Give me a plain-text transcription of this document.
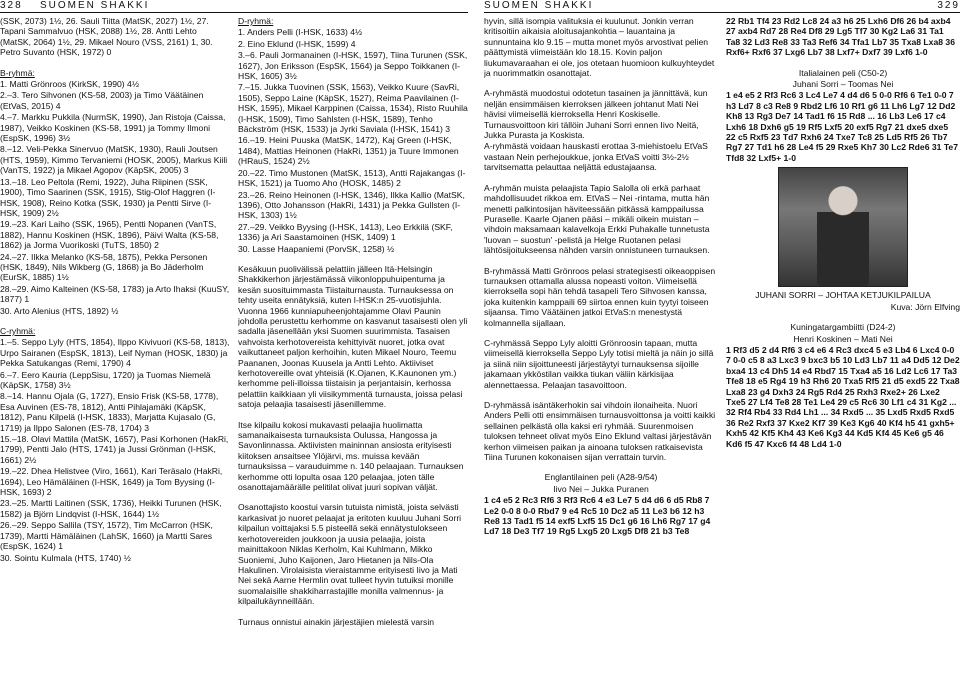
328 SUOMEN SHAKKI

(SSK, 2073) 1½, 26. Sauli Tiitta (MatSK, 2027) 1½, 27. Tapani Sammalvuo (HSK, 2088) 1½, 28. Antti Lehto (MatSK, 2064) 1½, 29. Mikael Nouro (VSS, 2161) 1, 30. Petro Suvanto (HSK, 1972) 0

B-ryhmä:

1. Matti Grönroos (KirkSK, 1990) 4½

2.–3. Tero Sihvonen (KS-58, 2003) ja Timo Väätäinen (EtVaS, 2015) 4

4.–7. Markku Pukkila (NurmSK, 1990), Jan Ristoja (Caissa, 1987), Veikko Koskinen (KS-58, 1991) ja Tommy Ilmoni (EspSK, 1996) 3½

8.–12. Veli-Pekka Sinervuo (MatSK, 1930), Rauli Joutsen (HTS, 1959), Kimmo Tervaniemi (HOSK, 2005), Markus Kiili (VanTS, 1922) ja Mikael Agopov (KäpSK, 2005) 3

13.–18. Leo Peltola (Remi, 1922), Juha Riipinen (SSK, 1900), Timo Saarinen (SSK, 1915), Stig-Olof Haggren (I-HSK, 1908), Reino Kotka (SSK, 1930) ja Pentti Sirve (I-HSK, 1909) 2½

19.–23. Kari Laiho (SSK, 1965), Pentti Nopanen (VanTS, 1882), Hannu Koskinen (HSK, 1896), Päivi Walta (KS-58, 1862) ja Jorma Vuorikoski (TuTS, 1850) 2

24.–27. Ilkka Melanko (KS-58, 1875), Pekka Personen (HSK, 1849), Nils Wikberg (G, 1868) ja Bo Jäderholm (EurSK, 1885) 1½

28.–29. Aimo Kalteinen (KS-58, 1783) ja Arto Ihaksi (KuuSY, 1877) 1

30. Arto Alenius (HTS, 1892) ½

C-ryhmä:

1.–5. Seppo Lyly (HTS, 1854), Ilppo Kivivuori (KS-58, 1813), Urpo Sairanen (EspSK, 1813), Leif Nyman (HOSK, 1830) ja Pekka Satukangas (Remi, 1790) 4

6.–7. Eero Kauria (LeppSisu, 1720) ja Tuomas Niemelä (KäpSK, 1758) 3½

8.–14. Hannu Ojala (G, 1727), Ensio Frisk (KS-58, 1778), Esa Auvinen (ES-78, 1812), Antti Pihlajamäki (KäpSK, 1812), Panu Kilpelä (I-HSK, 1833), Marjatta Kujasalo (G, 1719) ja Ilppo Salonen (ES-78, 1704) 3

15.–18. Olavi Mattila (MatSK, 1657), Pasi Korhonen (HakRi, 1799), Pentti Jalo (HTS, 1741) ja Jussi Grönman (I-HSK, 1661) 2½

19.–22. Dhea Helistvee (Viro, 1661), Kari Teräsalo (HakRi, 1694), Leo Hämäläinen (I-HSK, 1649) ja Tom Byysing (I-HSK, 1693) 2

23.–25. Martti Laitinen (SSK, 1736), Heikki Turunen (HSK, 1582) ja Björn Lindqvist (I-HSK, 1644) 1½

26.–29. Seppo Sallila (TSY, 1572), Tim McCarron (HSK, 1739), Martti Hämäläinen (LahSK, 1660) ja Martti Sares (EspSK, 1624) 1

30. Sointu Kulmala (HTS, 1740) ½

D-ryhmä:

1. Anders Pelli (I-HSK, 1633) 4½

2. Eino Eklund (I-HSK, 1599) 4

3.–6. Pauli Jormanainen (I-HSK, 1597), Tiina Turunen (SSK, 1627), Jon Eriksson (EspSK, 1564) ja Seppo Toikkanen (I-HSK, 1605) 3½

7.–15. Jukka Tuovinen (SSK, 1563), Veikko Kuure (SavRi, 1505), Seppo Laine (KäpSK, 1527), Reima Paavilainen (I-HSK, 1595), Mikael Karppinen (Caissa, 1534), Risto Ruuhila (I-HSK, 1509), Timo Sahlsten (I-HSK, 1589), Tenho Bäckström (HSK, 1533) ja Jyrki Saviala (I-HSK, 1541) 3

16.–19. Heini Puuska (MatSK, 1472), Kaj Green (I-HSK, 1484), Mattias Heinonen (HakRi, 1351) ja Tuure Immonen (HRauS, 1524) 2½

20.–22. Timo Mustonen (MatSK, 1513), Antti Rajakangas (I-HSK, 1521) ja Tuomo Aho (HOSK, 1485) 2

23.–26. Reino Heinonen (I-HSK, 1346), Ilkka Kallio (MatSK, 1396), Otto Johansson (HakRi, 1431) ja Pekka Gullsten (I-HSK, 1303) 1½

27.–29. Veikko Byysing (I-HSK, 1413), Leo Erkkilä (SKF, 1336) ja Ari Saastamoinen (HSK, 1409) 1

30. Lasse Haapaniemi (PorvSK, 1258) ½

Kesäkuun puolivälissä pelattiin jälleen Itä-Helsingin Shakkikerhon järjestämässä viikonloppuhuipentuma ja kesän suosituimmasta Tiistaiturnausta. Turnauksessa on tehty useita ennätyksiä, kuten I-HSK:n 25-vuotisjuhla. Vuonna 1966 kunniapuheenjohtajamme Olavi Paunin johdolla perustettu kerhomme on kasvanut tasaisesti olen yli sadalla jäsenellään yksi Suomen suurimmista. Tasaisen vahvoista kerhotovereista kehittyivät nuoret, jotka ovat vaikuttaneet paljon kerhoihin, kuten Mikael Nouro, Teemu Paananen, Joonas Kuusela ja Antti Lehto. Aktiiviset kerhotovereille ovat yhteisiä (K.Ojanen, K.Kaunonen ym.) kerhomme peli-illoissa tiistaisin ja perjantaisin, kerhossa pelattiin kaikkiaan yli viisikymmentä turnausta, joissa pelasi satoja pelaajia tasaisesti jäsenillemme.

Itse kilpailu kokosi mukavasti pelaajia huolimatta samanaikaisesta turnauksista Oulussa, Hangossa ja Savonlinnassa. Aktiivisten maininnan ansiosta erityisesti kiitoksen ansaitsee Ylöjärvi, ms. muissa kevään turnauksissa – varauduimme n. 140 pelaajaan. Turnauksen kerhomme otti lopulta osaa 120 pelaajaa, joten tälle osanottajamäärälle pelitilat olivat juuri sopivan väljät.

Osanottajisto koostui varsin tutuista nimistä, joista selvästi karkasivat jo nuoret pelaajat ja eritoten kuuluu Juhani Sorri kilpailun voittajaksi 5.5 pisteellä sekä ennätystulokseen kerhotovereiden joukkoon ja uusia pelaajia, joista mainittakoon Niklas Kerholm, Kai Kuhlmann, Mikko Suoniemi, Juho Kaijonen, Jaro Hietanen ja Nils-Ola Hakulinen. Virolaisista vieraistamme erityisesti Iivo ja Mati Nei sekä Aarne Hermlin ovat tulleet hyvin tutuiksi monille suomalaisille shakkiharrastajille monilla valmennus- ja kilpailukäynneillään.

Turnaus onnistui ainakin järjestäjien mielestä varsin

SUOMEN SHAKKI	329

hyvin, sillä isompia valituksia ei kuulunut. Jonkin verran kritisoitiin aikaisia aloitusajankohtia – lauantaina ja sunnuntaina klo 9.15 – mutta monet myös arvostivat pelien päättymistä viimeistään klo 18.15. Kovin paljon liukumavaraahan ei ole, jos otetaan huomioon kulkuyhteydet ja nuorimmatkin osanottajat.

A-ryhmästä muodostui odotetun tasainen ja jännittävä, kun neljän ensimmäisen kierroksen jälkeen johtanut Mati Nei hävisi viimeisellä kierroksella Henri Koskiselle. Turnausvoittoon kiri tällöin Juhani Sorri ennen Iivo Neitä, Jukka Purasta ja Koskista.

A-ryhmästä voidaan hauskasti erottaa 3-miehistoelu EtVaS vastaan Nein perhejoukkue, jonka EtVaS voitti 3½-2½ tarvitsematta pelauttaa neljättä edustajaansa.

A-ryhmän muista pelaajista Tapio Salolla oli erkä parhaat mahdollisuudet rikkoa em. EtVaS – Nei -rintama, mutta hän menetti palkintosijan häviteessään pitkässä kamppailussa Puraselle. Kaarle Ojanen pääsi – mikäli oikein muistan – vihdoin maksamaan kalavelkoja Erkki Puhakalle tunnetusta 'luovan – suostun' -pelistä ja Helge Ruotanen pelasi lähtösijoitukseensa nähden varsin onnistuneen turnauksen.

B-ryhmässä Matti Grönroos pelasi strategisesti oikeaoppisen turnauksen ottamalla alussa nopeasti voiton. Viimeisellä kierroksella sopi hän tehdä tasapeli Tero Sihvosen kanssa, joka kuitenkin kamppaili 69 siirtoa ennen kuin tyytyi toiseen sijaansa. Timo Väätäinen jatkoi EtVaS:n menestystä kolmannella sijallaan.

C-ryhmässä Seppo Lyly aloitti Grönroosin tapaan, mutta viimeisellä kierroksella Seppo Lyly totisi mieltä ja näin jo sillä ja siinä niin sijoittuneesti järjestäytyi turnauksensa sijoille jakamaan ykköstilan vaikka tiukan väliin kärkisijaa alennettaessa. Pelaajan tasavoittoon.

D-ryhmässä isäntäkerhokin sai vihdoin ilonaiheita. Nuori Anders Pelli otti ensimmäisen turnausvoittonsa ja voitti kaikki sellainen pelkästä olla kaksi eri ryhmää. Suurenmoisen tuloksen tehneet olivat myös Eino Eklund valtasi järjestävän kerhon viimeisen paikan ja ainoana tuloksen ratkaisevista Tiina Turunen kokonaisen sijan verrattain turvin.

Englantilainen peli (A28-9/54)

Iivo Nei – Jukka Puranen

1 c4 e5 2 Rc3 Rf6 3 Rf3 Rc6 4 e3 Le7 5 d4 d6 6 d5 Rb8 7 Le2 0-0 8 0-0 Rbd7 9 e4 Rc5 10 Dc2 a5 11 Le3 b6 12 h3 Re8 13 Tad1 f5 14 exf5 Lxf5 15 Dc1 g6 16 Lh6 Rg7 17 g4 Ld7 18 De3 Tf7 19 Rg5 Lxg5 20 Lxg5 Df8 21 b3 Te8

22 Rb1 Tf4 23 Rd2 Lc8 24 a3 h6 25 Lxh6 Df6 26 b4 axb4 27 axb4 Rd7 28 Re4 Df8 29 Lg5 Tf7 30 Kg2 La6 31 Ta1 Ta8 32 Ld3 Re8 33 Ta3 Ref6 34 Tfa1 Lb7 35 Txa8 Lxa8 36 Rxf6+ Rxf6 37 Lxg6 Lb7 38 Lxf7+ Dxf7 39 Lxf6 1-0

Italialainen peli (C50-2)

Juhani Sorri – Toomas Nei

1 e4 e5 2 Rf3 Rc6 3 Lc4 Le7 4 d4 d6 5 0-0 Rf6 6 Te1 0-0 7 h3 Ld7 8 c3 Re8 9 Rbd2 Lf6 10 Rf1 g6 11 Lh6 Lg7 12 Dd2 Kh8 13 Rg3 De7 14 Tad1 f6 15 Rd8 ... 16 Lb3 Le6 17 c4 Lxh6 18 Dxh6 g5 19 Rf5 Lxf5 20 exf5 Rg7 21 dxe5 dxe5 22 c5 Rxf5 23 Td7 Rxh6 24 Txe7 Tc8 25 Ld5 Rf5 26 Tb7 Rg7 27 Td1 h6 28 Le4 f5 29 Rxe5 Kh7 30 Lc2 Rde6 31 Te7 Tfd8 32 Lxf5+ 1-0

JUHANI SORRI – JOHTAA KETJUKILPAILUA

Kuva: Jörn Elfving

Kuningatargambiitti (D24-2)

Henri Koskinen – Mati Nei

1 Rf3 d5 2 d4 Rf6 3 c4 e6 4 Rc3 dxc4 5 e3 Lb4 6 Lxc4 0-0 7 0-0 c5 8 a3 Lxc3 9 bxc3 b5 10 Ld3 Lb7 11 a4 Dd5 12 De2 bxa4 13 c4 Dh5 14 e4 Rbd7 15 Txa4 a5 16 Ld2 Lc6 17 Ta3 Tfe8 18 e5 Rg4 19 h3 Rh6 20 Txa5 Rf5 21 d5 exd5 22 Txa8 Lxa8 23 g4 Dxh3 24 Rg5 Rd4 25 Rxh3 Rxe2+ 26 Lxe2 Txe5 27 Lf4 Te8 28 Te1 Le4 29 c5 Rc6 30 Lf1 c4 31 Kg2 ... 32 Rf4 Rb4 33 Rd4 Lh1 ... 34 Rxd5 ... 35 Lxd5 Rxd5 Rxd5 36 Re2 Rxf3 37 Kxe2 Kf7 39 Ke3 Kg6 40 Kf4 h5 41 gxh5+ Kxh5 42 Kf5 Kh4 43 Ke6 Kg3 44 Kd5 Kf4 45 Ke6 g5 46 Kd6 f5 47 Kxc6 f4 48 Ld4 1-0
